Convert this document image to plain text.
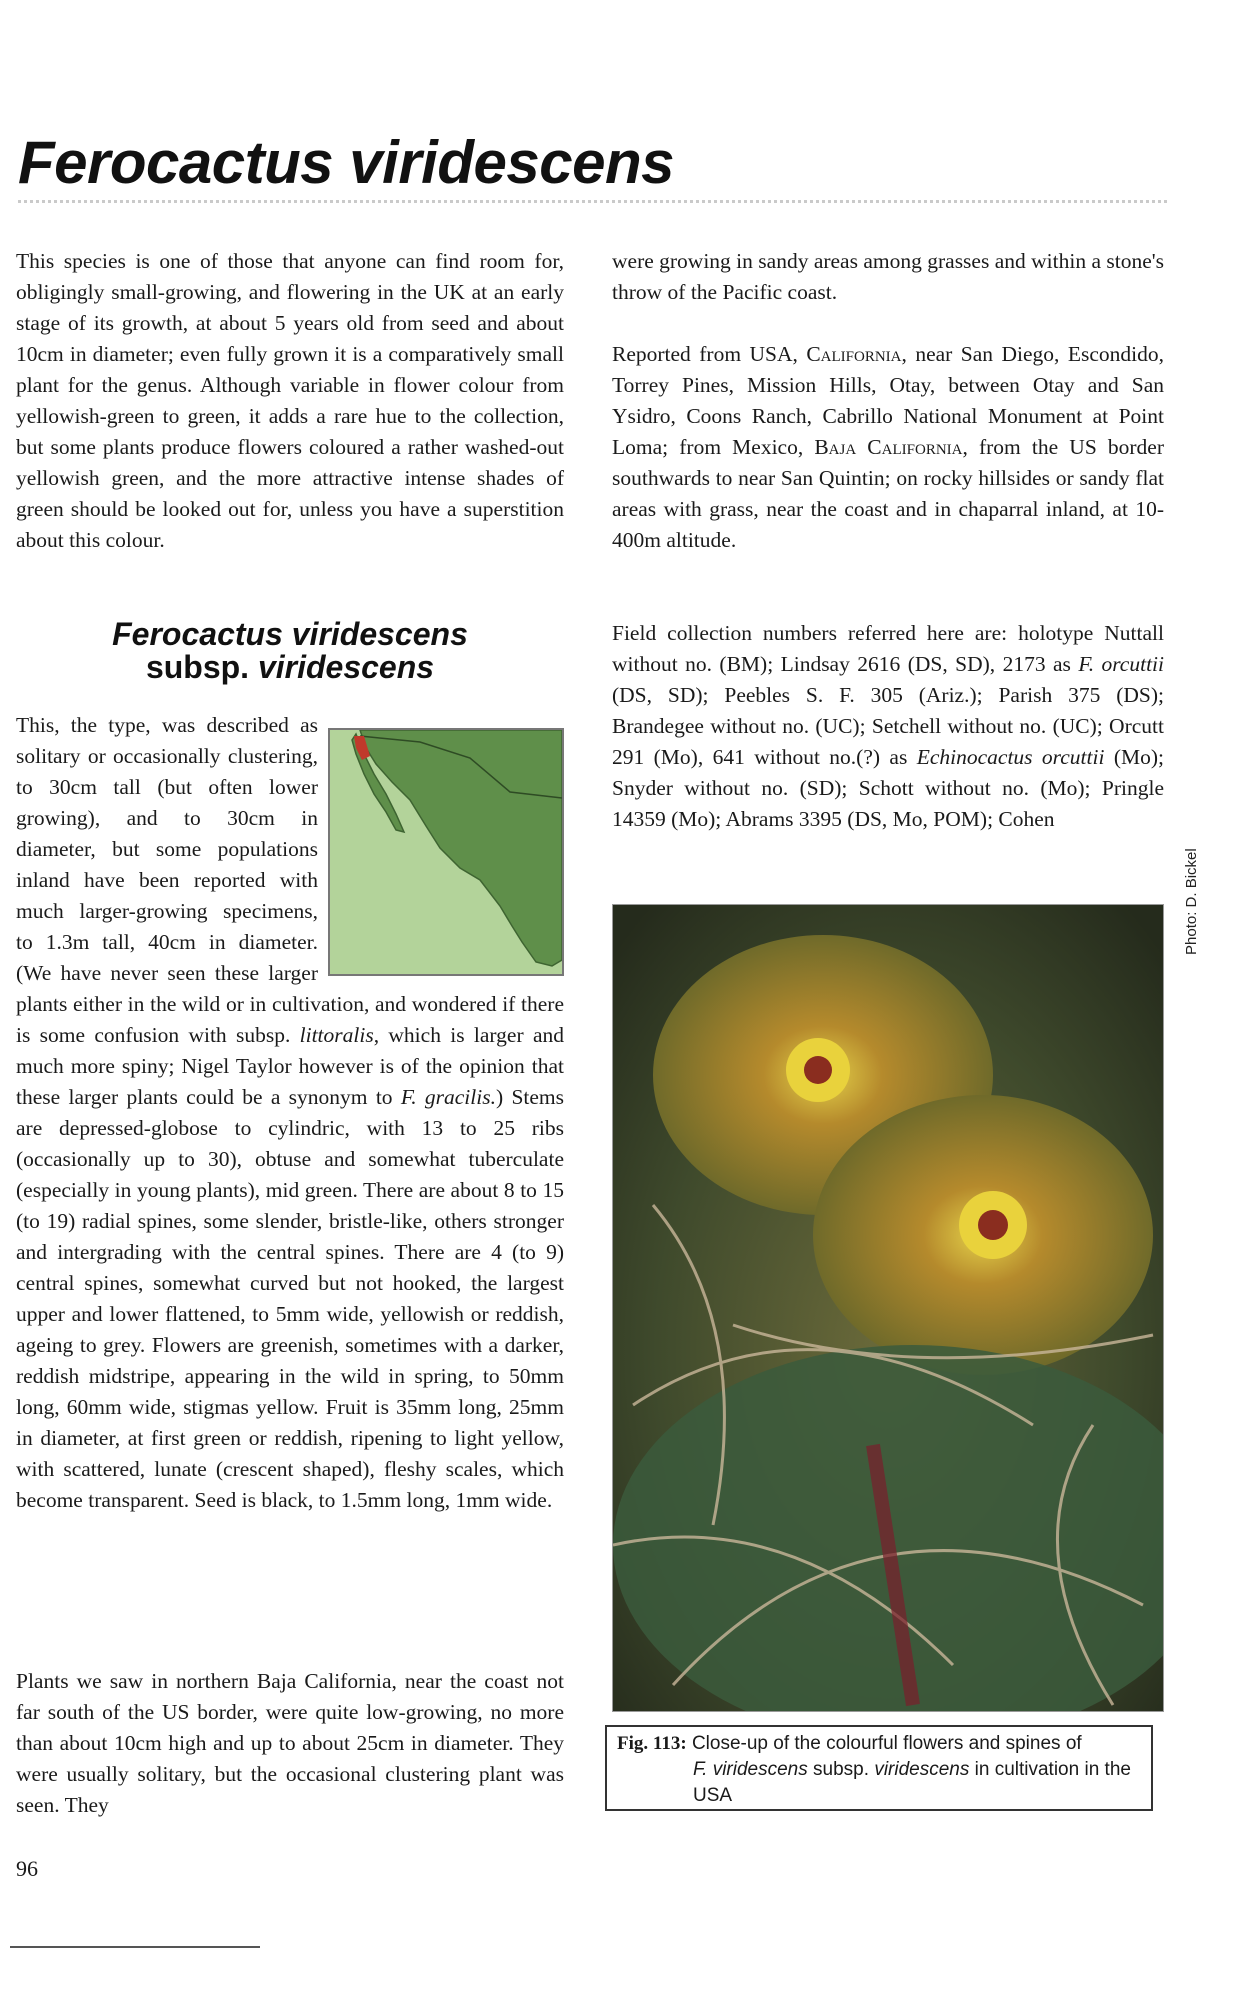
Ferocactus viridescens

This species is one of those that anyone can find room for, obligingly small-growing, and flowering in the UK at an early stage of its growth, at about 5 years old from seed and about 10cm in diameter; even fully grown it is a comparatively small plant for the genus. Although variable in flower colour from yellowish-green to green, it adds a rare hue to the collection, but some plants produce flowers coloured a rather washed-out yellowish green, and the more attractive intense shades of green should be looked out for, unless you have a superstition about this colour.

Ferocactus viridescens
subsp. viridescens

This, the type, was described as solitary or occasionally clustering, to 30cm tall (but often lower growing), and to 30cm in diameter, but some populations inland have been reported with much larger-growing specimens, to 1.3m tall, 40cm in diameter. (We have never seen these larger plants either in the wild or in cultivation, and wondered if there is some confusion with subsp. littoralis, which is larger and much more spiny; Nigel Taylor however is of the opinion that these larger plants could be a synonym to F. gracilis.) Stems are depressed-globose to cylindric, with 13 to 25 ribs (occasionally up to 30), obtuse and somewhat tuberculate (especially in young plants), mid green. There are about 8 to 15 (to 19) radial spines, some slender, bristle-like, others stronger and intergrading with the central spines. There are 4 (to 9) central spines, somewhat curved but not hooked, the largest upper and lower flattened, to 5mm wide, yellowish or reddish, ageing to grey. Flowers are greenish, sometimes with a darker, reddish midstripe, appearing in the wild in spring, to 50mm long, 60mm wide, stigmas yellow. Fruit is 35mm long, 25mm in diameter, at first green or reddish, ripening to light yellow, with scattered, lunate (crescent shaped), fleshy scales, which become transparent. Seed is black, to 1.5mm long, 1mm wide.

Plants we saw in northern Baja California, near the coast not far south of the US border, were quite low-growing, no more than about 10cm high and up to about 25cm in diameter. They were usually solitary, but the occasional clustering plant was seen. They

were growing in sandy areas among grasses and within a stone's throw of the Pacific coast.

Reported from USA, California, near San Diego, Escondido, Torrey Pines, Mission Hills, Otay, between Otay and San Ysidro, Coons Ranch, Cabrillo National Monument at Point Loma; from Mexico, Baja California, from the US border southwards to near San Quintin; on rocky hillsides or sandy flat areas with grass, near the coast and in chaparral inland, at 10-400m altitude.

Field collection numbers referred here are: holotype Nuttall without no. (BM); Lindsay 2616 (DS, SD), 2173 as F. orcuttii (DS, SD); Peebles S. F. 305 (Ariz.); Parish 375 (DS); Brandegee without no. (UC); Setchell without no. (UC); Orcutt 291 (Mo), 641 without no.(?) as Echinocactus orcuttii (Mo); Snyder without no. (SD); Schott without no. (Mo); Pringle 14359 (Mo); Abrams 3395 (DS, Mo, POM); Cohen

Photo: D. Bickel
Fig. 113: Close-up of the colourful flowers and spines of
F. viridescens subsp. viridescens in cultivation in the USA
96
